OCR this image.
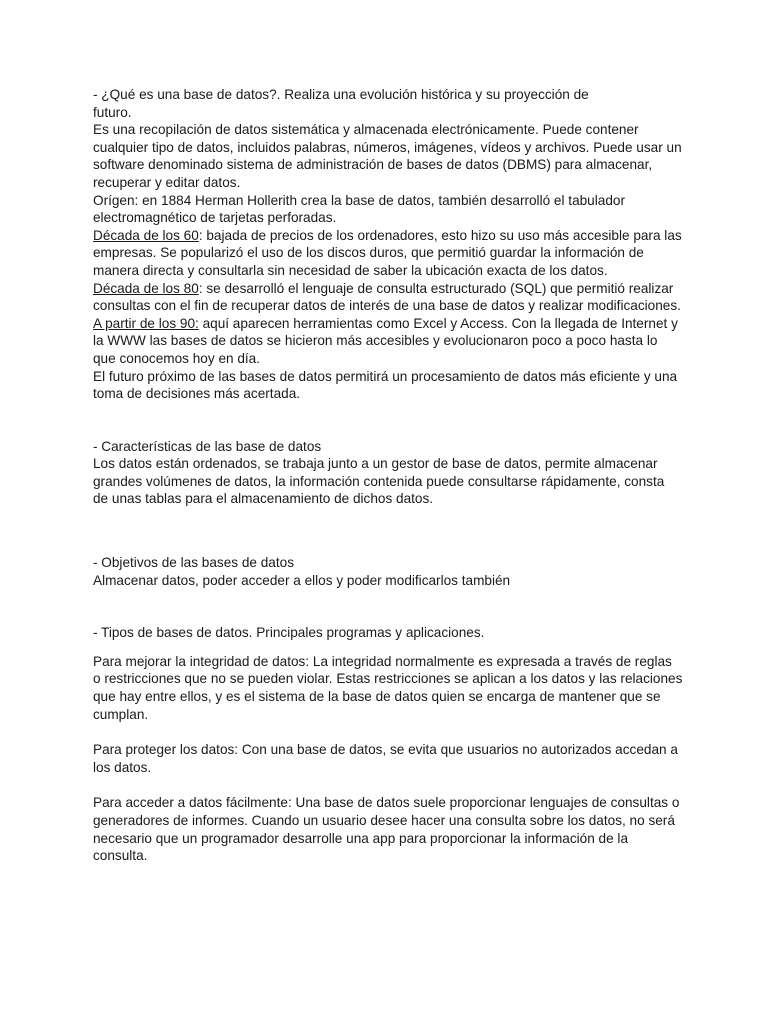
- ¿Qué es una base de datos?. Realiza una evolución histórica y su proyección de
futuro.

Es una recopilación de datos sistemática y almacenada electrónicamente. Puede contener cualquier tipo de datos, incluidos palabras, números, imágenes, vídeos y archivos. Puede usar un software denominado sistema de administración de bases de datos (DBMS) para almacenar, recuperar y editar datos.

Orígen: en 1884 Herman Hollerith crea la base de datos, también desarrolló el tabulador electromagnético de tarjetas perforadas.

Década de los 60: bajada de precios de los ordenadores, esto hizo su uso más accesible para las empresas. Se popularizó el uso de los discos duros, que permitió guardar la información de manera directa y consultarla sin necesidad de saber la ubicación exacta de los datos.

Década de los 80: se desarrolló el lenguaje de consulta estructurado (SQL) que permitió realizar consultas con el fin de recuperar datos de interés de una base de datos y realizar modificaciones.

A partir de los 90: aquí aparecen herramientas como Excel y Access. Con la llegada de Internet y la WWW las bases de datos se hicieron más accesibles y evolucionaron poco a poco hasta lo que conocemos hoy en día.

El futuro próximo de las bases de datos permitirá un procesamiento de datos más eficiente y una toma de decisiones más acertada.

- Características de las base de datos

Los datos están ordenados, se trabaja junto a un gestor de base de datos, permite almacenar grandes volúmenes de datos, la información contenida puede consultarse rápidamente, consta de unas tablas para el almacenamiento de dichos datos.

- Objetivos de las bases de datos

Almacenar datos, poder acceder a ellos y poder modificarlos también

- Tipos de bases de datos. Principales programas y aplicaciones.

Para mejorar la integridad de datos: La integridad normalmente es expresada a través de reglas o restricciones que no se pueden violar. Estas restricciones se aplican a los datos y las relaciones que hay entre ellos, y es el sistema de la base de datos quien se encarga de mantener que se cumplan.

Para proteger los datos: Con una base de datos, se evita que usuarios no autorizados accedan a los datos.

Para acceder a datos fácilmente: Una base de datos suele proporcionar lenguajes de consultas o generadores de informes. Cuando un usuario desee hacer una consulta sobre los datos, no será necesario que un programador desarrolle una app para proporcionar la información de la consulta.
